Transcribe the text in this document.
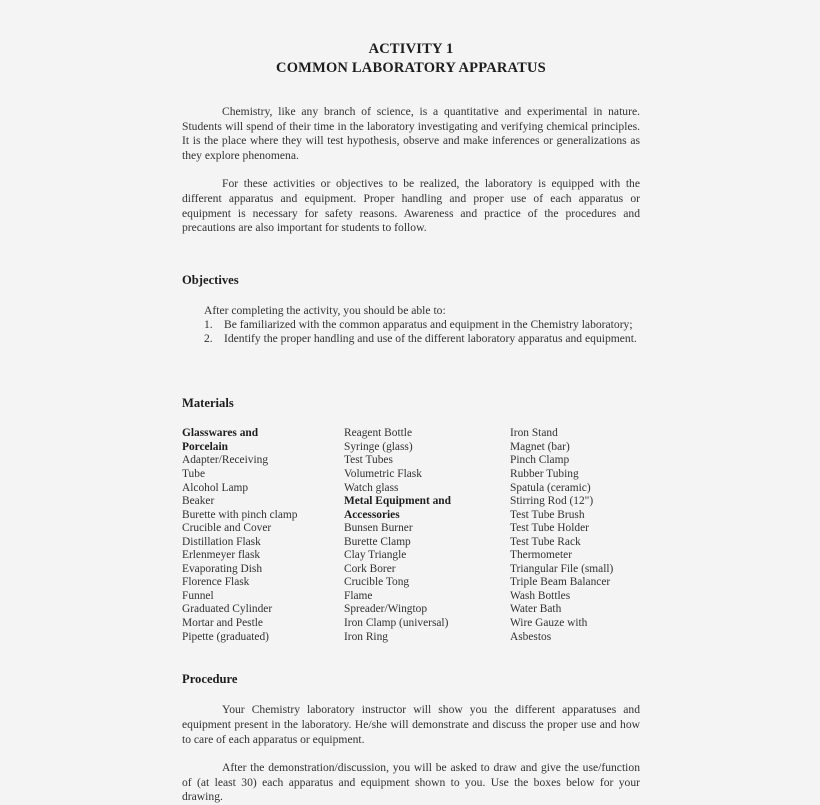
ACTIVITY 1
COMMON LABORATORY APPARATUS

Chemistry, like any branch of science, is a quantitative and experimental in nature. Students will spend of their time in the laboratory investigating and verifying chemical principles. It is the place where they will test hypothesis, observe and make inferences or generalizations as they explore phenomena.

For these activities or objectives to be realized, the laboratory is equipped with the different apparatus and equipment. Proper handling and proper use of each apparatus or equipment is necessary for safety reasons. Awareness and practice of the procedures and precautions are also important for students to follow.

Objectives
After completing the activity, you should be able to:
1. Be familiarized with the common apparatus and equipment in the Chemistry laboratory;
2. Identify the proper handling and use of the different laboratory apparatus and equipment.
Materials
Glasswares and
Porcelain
Adapter/Receiving
Tube
Alcohol Lamp
Beaker
Burette with pinch clamp
Crucible and Cover
Distillation Flask
Erlenmeyer flask
Evaporating Dish
Florence Flask
Funnel
Graduated Cylinder
Mortar and Pestle
Pipette (graduated)
Reagent Bottle
Syringe (glass)
Test Tubes
Volumetric Flask
Watch glass
Metal Equipment and
Accessories
Bunsen Burner
Burette Clamp
Clay Triangle
Cork Borer
Crucible Tong
Flame
Spreader/Wingtop
Iron Clamp (universal)
Iron Ring
Iron Stand
Magnet (bar)
Pinch Clamp
Rubber Tubing
Spatula (ceramic)
Stirring Rod (12")
Test Tube Brush
Test Tube Holder
Test Tube Rack
Thermometer
Triangular File (small)
Triple Beam Balancer
Wash Bottles
Water Bath
Wire Gauze with
Asbestos
Procedure

Your Chemistry laboratory instructor will show you the different apparatuses and equipment present in the laboratory. He/she will demonstrate and discuss the proper use and how to care of each apparatus or equipment.

After the demonstration/discussion, you will be asked to draw and give the use/function of (at least 30) each apparatus and equipment shown to you. Use the boxes below for your drawing.
